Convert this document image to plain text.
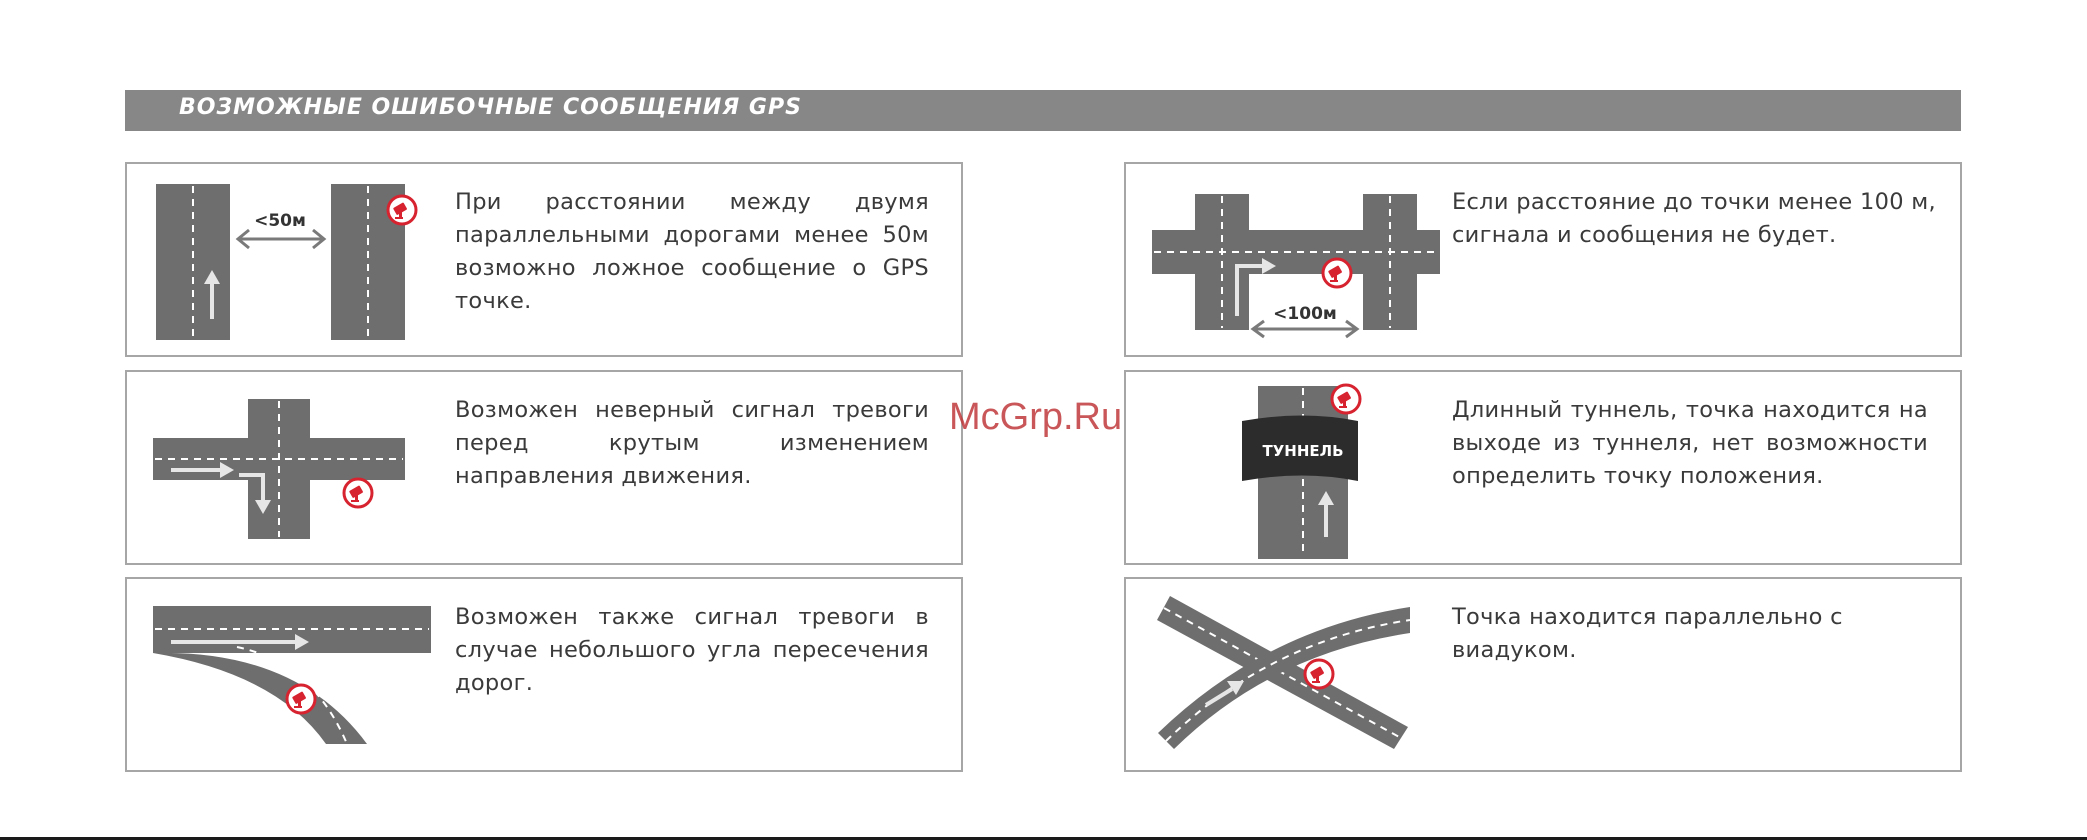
ВОЗМОЖНЫЕ ОШИБОЧНЫЕ СООБЩЕНИЯ GPS
<50м
При расстоянии между двумя параллельными дорогами менее 50м возможно ложное сообщение о GPS точке.	<100м
Если расстояние до точки менее 100 м, сигнала и сообщения не будет.
Возможен неверный сигнал тревоги перед крутым изменением направления движения.
ТУННЕЛЬ
Длинный туннель, точка находится на выходе из туннеля, нет возможности определить точку положения.
Возможен также сигнал тревоги в случае небольшого угла пересечения дорог.
Точка находится параллельно с виадуком.
McGrp.Ru
